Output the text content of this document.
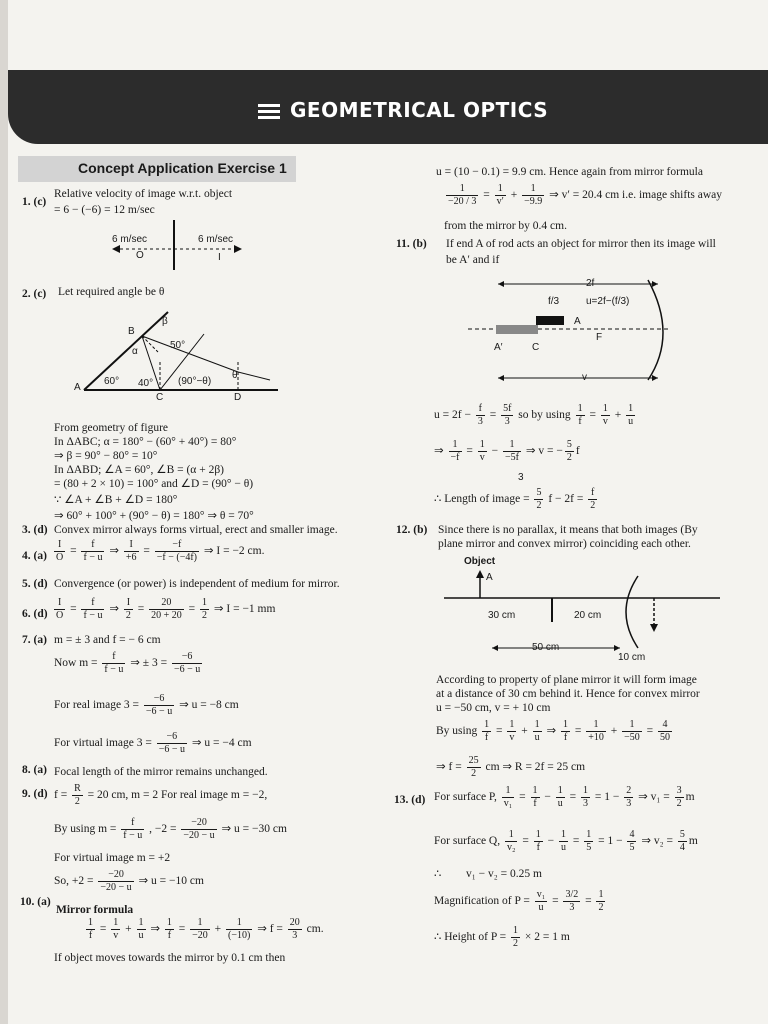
GEOMETRICAL OPTICS
Concept Application Exercise 1
1. (c)
Relative velocity of image w.r.t. object
= 6 − (−6) = 12 m/sec
6 m/sec	6 m/sec
O	I
2. (c) Let required angle be θ
B
β
α
50°
A
60° 40° (90°−θ)
θ
C	D
From geometry of figure
In ΔABC; α = 180° − (60° + 40°) = 80°
⇒ β = 90° − 80° = 10°
In ΔABD; ∠A = 60°, ∠B = (α + 2β)
= (80 + 2 × 10) = 100° and ∠D = (90° − θ)
∵ ∠A + ∠B + ∠D = 180°
⇒ 60° + 100° + (90° − θ) = 180° ⇒ θ = 70°
3. (d) Convex mirror always forms virtual, erect and smaller image.
4. $(a) \frac{I}{O} = \frac{f}{f - u}$ ⇒ $\frac{I}{+6} = \frac{-f}{-f - (-4f)}$ ⇒ I = −2 cm.
5. (d) Convergence (or power) is independent of medium for mirror.
6. $(d) \frac{I}{O} = \frac{f}{f - u}$ ⇒ $\frac{I}{2} = \frac{20}{20 + 20} = \frac{1}{2}$ ⇒ I = −1 mm
7. (a) m = ± 3 and f = − 6 cm
Now $m = \frac{f}{f - u}$ ⇒ ± $3 = \frac{-6}{-6 - u}$
For real image $3 = \frac{-6}{-6 - u}$ ⇒ u = −8 cm
For virtual image $3 = \frac{-6}{-6 - u}$ ⇒ u = −4 cm
8. (a) Focal length of the mirror remains unchanged.
9. (d) $f = \frac{R}{2} = 20$ cm, m = 2 For real image m = −2,
By using $m = \frac{f}{f - u}$ , $-2 = \frac{-20}{-20 - u}$ ⇒ u = −30 cm
For virtual image m = +2
So, $+2 = \frac{-20}{-20 - u}$ ⇒ u = −10 cm
10. (a)
Mirror formula
$\frac{1}{f} = \frac{1}{v} + \frac{1}{u}$ ⇒ $\frac{1}{f} = \frac{1}{-20} + \frac{1}{(-10)}$ ⇒ $f = \frac{20}{3}$ cm.
If object moves towards the mirror by 0.1 cm then
u = (10 − 0.1) = 9.9 cm. Hence again from mirror formula
$\frac{1}{-20 / 3} = \frac{1}{v'} + \frac{1}{-9.9}$ ⇒ v′ = 20.4 cm i.e. image shifts away
from the mirror by 0.4 cm.
11. (b) If end A of rod acts an object for mirror then its image will
be A′ and if
2f
f/3	u=2f−(f/3)
A
F
A′	C
v
$u = 2f - \frac{f}{3} = \frac{5f}{3}$ so by using $\frac{1}{f} = \frac{1}{v} + \frac{1}{u}$
⇒ $\frac{1}{-f} = \frac{1}{v} - \frac{1}{-5f}$ ⇒ v = − $\frac{5}{2}$ f
3
∴ Length of image = $\frac{5}{2}$ $f - 2f = \frac{f}{2}$
12. (b) Since there is no parallax, it means that both images (By
plane mirror and convex mirror) coinciding each other.
Object
A
30 cm	20 cm
50 cm
10 cm
According to property of plane mirror it will form image
at a distance of 30 cm behind it. Hence for convex mirror
u = −50 cm, v = + 10 cm
By using $\frac{1}{f} = \frac{1}{v} + \frac{1}{u}$ ⇒ $\frac{1}{f} = \frac{1}{+10} + \frac{1}{-50} = \frac{4}{50}$
⇒ $f = \frac{25}{2}$ cm ⇒ R = 2f = 25 cm
13. (d) For surface P, $\frac{1}{\text{v₁}} = \frac{1}{f} - \frac{1}{u} = \frac{1}{3} = 1 - \frac{2}{3}$ ⇒ $v_1 = \frac{3}{2}$ m
For surface Q, $\frac{1}{\text{v₂}} = \frac{1}{f} - \frac{1}{u} = \frac{1}{5} = 1 - \frac{4}{5}$ ⇒ $v_2 = \frac{5}{4}$ m
∴ v₁ − v₂ = 0.25 m
Magnification of $P = \frac{\text{v₁}}{u} = \frac{3/2}{3} = \frac{1}{2}$
∴ Height of $P = \frac{1}{2} \times 2 = 1$ m
